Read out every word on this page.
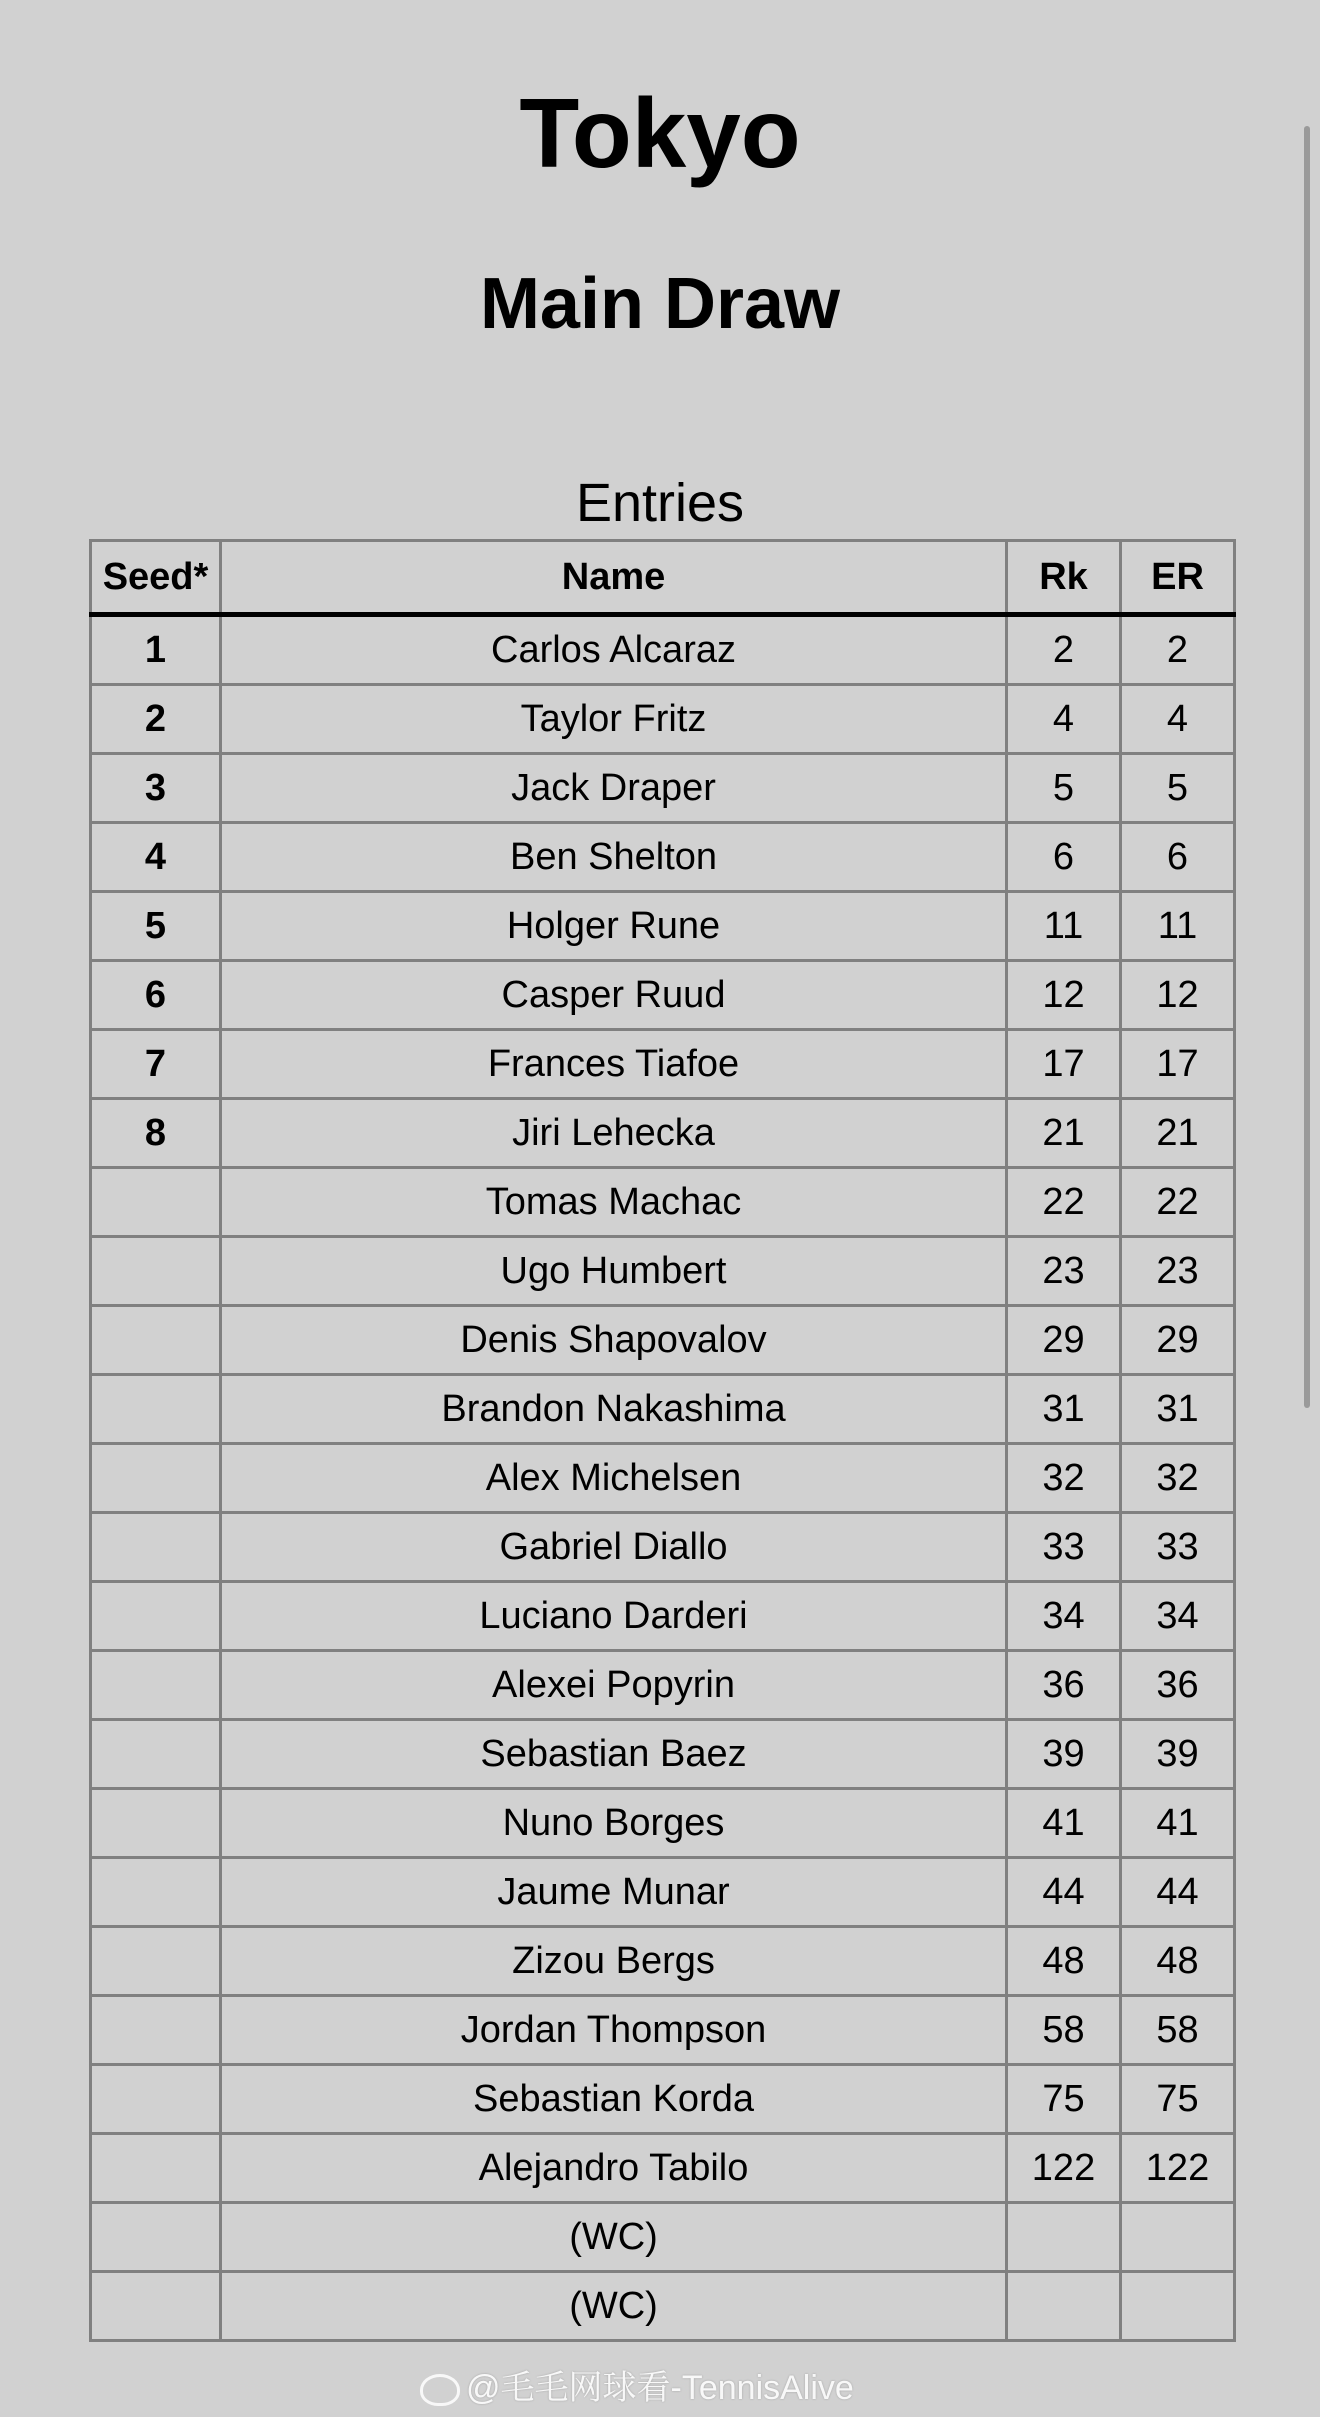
Tokyo
Main Draw
Entries
Seed*	Name	Rk	ER
1	Carlos Alcaraz	2	2
2	Taylor Fritz	4	4
3	Jack Draper	5	5
4	Ben Shelton	6	6
5	Holger Rune	11	11
6	Casper Ruud	12	12
7	Frances Tiafoe	17	17
8	Jiri Lehecka	21	21
	Tomas Machac	22	22
	Ugo Humbert	23	23
	Denis Shapovalov	29	29
	Brandon Nakashima	31	31
	Alex Michelsen	32	32
	Gabriel Diallo	33	33
	Luciano Darderi	34	34
	Alexei Popyrin	36	36
	Sebastian Baez	39	39
	Nuno Borges	41	41
	Jaume Munar	44	44
	Zizou Bergs	48	48
	Jordan Thompson	58	58
	Sebastian Korda	75	75
	Alejandro Tabilo	122	122
	(WC)		
	(WC)		
@毛毛网球看-TennisAlive
